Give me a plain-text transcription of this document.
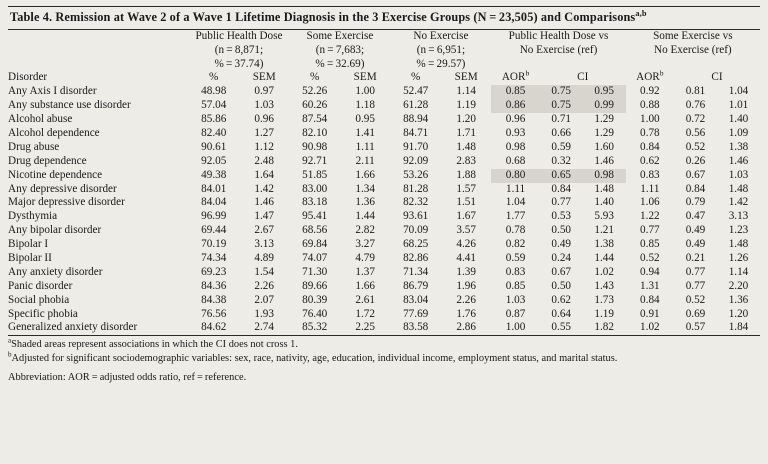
Table 4. Remission at Wave 2 of a Wave 1 Lifetime Diagnosis in the 3 Exercise Groups (N = 23,505) and Comparisons$^{a,b}$
	Public Health Dose		Some Exercise		No Exercise		Public Health Dose vs			Some Exercise vs		
	(n = 8,871;		(n = 7,683;		(n = 6,951;		No Exercise (ref)			No Exercise (ref)		
	% = 37.74)		% = 32.69)		% = 29.57)							
Disorder	%	SEM	%	SEM	%	SEM	AOR$^b$	CI		AOR$^b$	CI	
Any Axis I disorder	48.98	0.97	52.26	1.00	52.47	1.14	0.85	0.75	0.95	0.92	0.81	1.04
Any substance use disorder	57.04	1.03	60.26	1.18	61.28	1.19	0.86	0.75	0.99	0.88	0.76	1.01
Alcohol abuse	85.86	0.96	87.54	0.95	88.94	1.20	0.96	0.71	1.29	1.00	0.72	1.40
Alcohol dependence	82.40	1.27	82.10	1.41	84.71	1.71	0.93	0.66	1.29	0.78	0.56	1.09
Drug abuse	90.61	1.12	90.98	1.11	91.70	1.48	0.98	0.59	1.60	0.84	0.52	1.38
Drug dependence	92.05	2.48	92.71	2.11	92.09	2.83	0.68	0.32	1.46	0.62	0.26	1.46
Nicotine dependence	49.38	1.64	51.85	1.66	53.26	1.88	0.80	0.65	0.98	0.83	0.67	1.03
Any depressive disorder	84.01	1.42	83.00	1.34	81.28	1.57	1.11	0.84	1.48	1.11	0.84	1.48
Major depressive disorder	84.04	1.46	83.18	1.36	82.32	1.51	1.04	0.77	1.40	1.06	0.79	1.42
Dysthymia	96.99	1.47	95.41	1.44	93.61	1.67	1.77	0.53	5.93	1.22	0.47	3.13
Any bipolar disorder	69.44	2.67	68.56	2.82	70.09	3.57	0.78	0.50	1.21	0.77	0.49	1.23
Bipolar I	70.19	3.13	69.84	3.27	68.25	4.26	0.82	0.49	1.38	0.85	0.49	1.48
Bipolar II	74.34	4.89	74.07	4.79	82.86	4.41	0.59	0.24	1.44	0.52	0.21	1.26
Any anxiety disorder	69.23	1.54	71.30	1.37	71.34	1.39	0.83	0.67	1.02	0.94	0.77	1.14
Panic disorder	84.36	2.26	89.66	1.66	86.79	1.96	0.85	0.50	1.43	1.31	0.77	2.20
Social phobia	84.38	2.07	80.39	2.61	83.04	2.26	1.03	0.62	1.73	0.84	0.52	1.36
Specific phobia	76.56	1.93	76.40	1.72	77.69	1.76	0.87	0.64	1.19	0.91	0.69	1.20
Generalized anxiety disorder	84.62	2.74	85.32	2.25	83.58	2.86	1.00	0.55	1.82	1.02	0.57	1.84
$^a$Shaded areas represent associations in which the CI does not cross 1.
$^b$Adjusted for significant sociodemographic variables: sex, race, nativity, age, education, individual income, employment status, and marital status.
Abbreviation: AOR = adjusted odds ratio, ref = reference.
